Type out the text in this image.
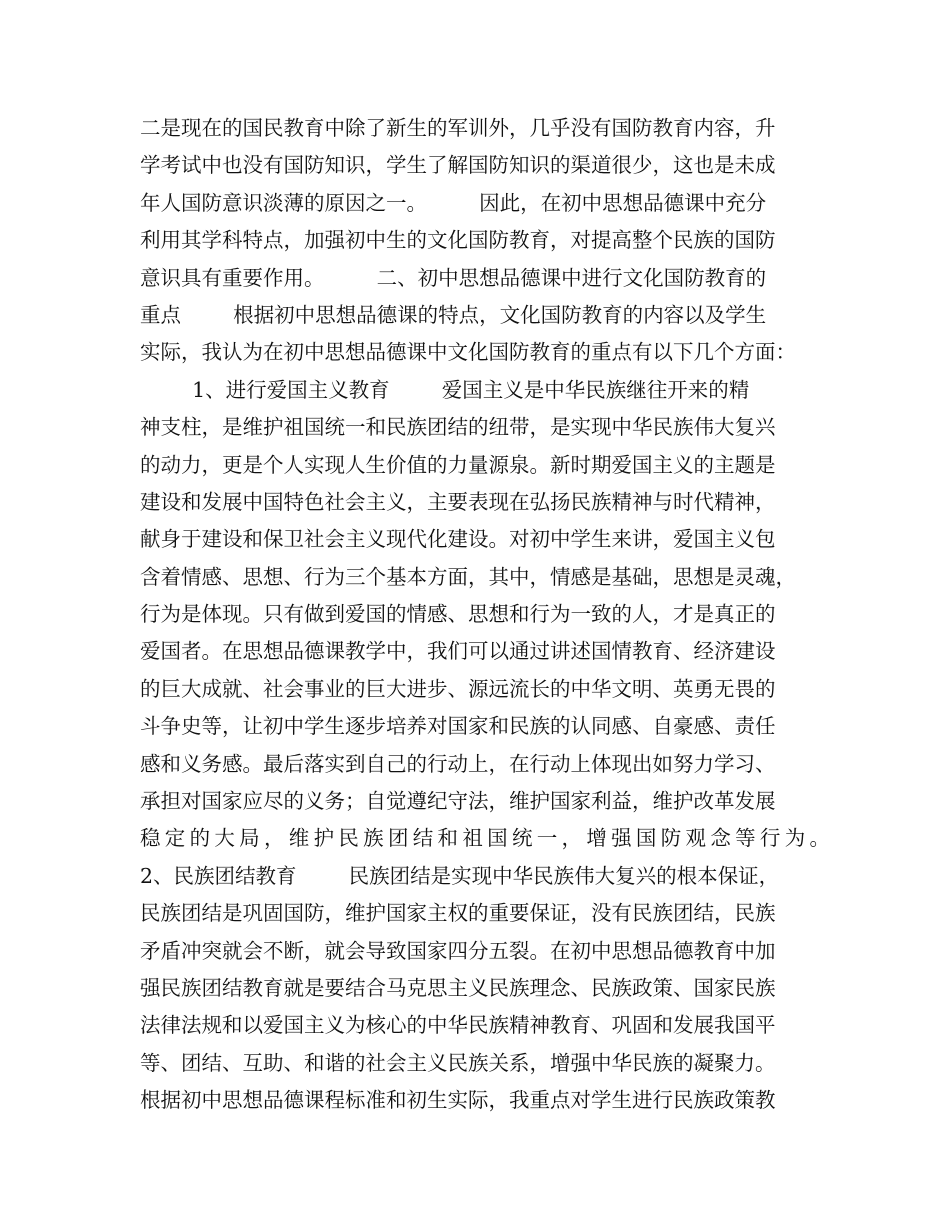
二是现在的国民教育中除了新生的军训外，几乎没有国防教育内容，升
学考试中也没有国防知识，学生了解国防知识的渠道很少，这也是未成
年人国防意识淡薄的原因之一。        因此，在初中思想品德课中充分
利用其学科特点，加强初中生的文化国防教育，对提高整个民族的国防
意识具有重要作用。        二、初中思想品德课中进行文化国防教育的
重点        根据初中思想品德课的特点，文化国防教育的内容以及学生
实际，我认为在初中思想品德课中文化国防教育的重点有以下几个方面：
1、进行爱国主义教育        爱国主义是中华民族继往开来的精
神支柱，是维护祖国统一和民族团结的纽带，是实现中华民族伟大复兴
的动力，更是个人实现人生价值的力量源泉。新时期爱国主义的主题是
建设和发展中国特色社会主义，主要表现在弘扬民族精神与时代精神，
献身于建设和保卫社会主义现代化建设。对初中学生来讲，爱国主义包
含着情感、思想、行为三个基本方面，其中，情感是基础，思想是灵魂，
行为是体现。只有做到爱国的情感、思想和行为一致的人，才是真正的
爱国者。在思想品德课教学中，我们可以通过讲述国情教育、经济建设
的巨大成就、社会事业的巨大进步、源远流长的中华文明、英勇无畏的
斗争史等，让初中学生逐步培养对国家和民族的认同感、自豪感、责任
感和义务感。最后落实到自己的行动上，在行动上体现出如努力学习、
承担对国家应尽的义务；自觉遵纪守法，维护国家利益，维护改革发展
稳定的大局，维护民族团结和祖国统一，增强国防观念等行为。
2、民族团结教育        民族团结是实现中华民族伟大复兴的根本保证，
民族团结是巩固国防，维护国家主权的重要保证，没有民族团结，民族
矛盾冲突就会不断，就会导致国家四分五裂。在初中思想品德教育中加
强民族团结教育就是要结合马克思主义民族理念、民族政策、国家民族
法律法规和以爱国主义为核心的中华民族精神教育、巩固和发展我国平
等、团结、互助、和谐的社会主义民族关系，增强中华民族的凝聚力。
根据初中思想品德课程标准和初生实际，我重点对学生进行民族政策教
